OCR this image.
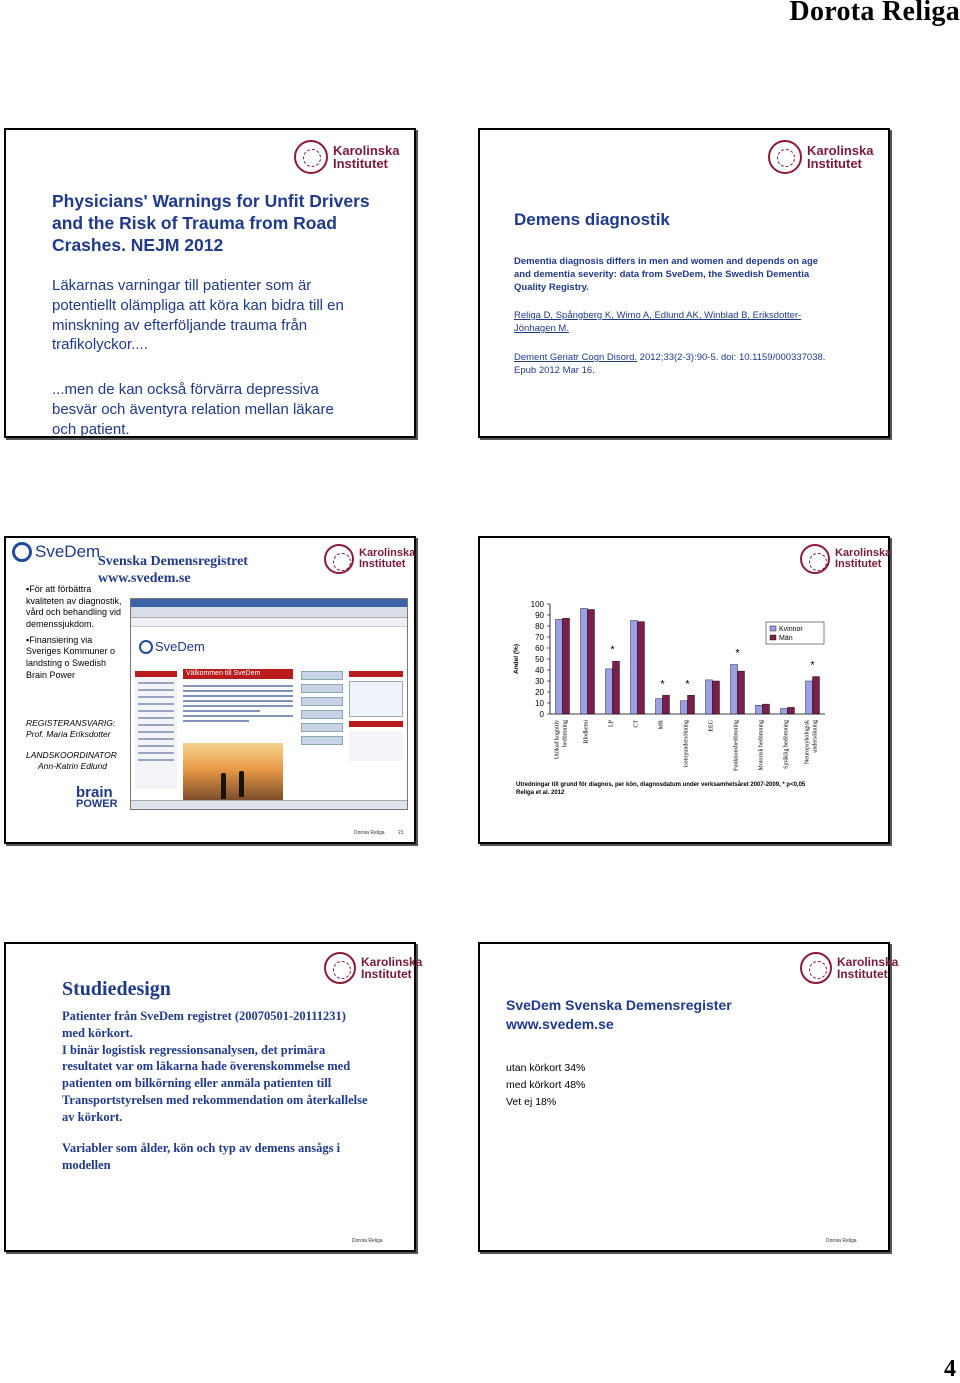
Dorota Religa
Karolinska
Institutet
Physicians' Warnings for Unfit Drivers
and the Risk of Trauma from Road
Crashes. NEJM 2012
Läkarnas varningar till patienter som är
potentiellt olämpliga att köra kan bidra till en
minskning av efterföljande trauma från
trafikolyckor....
...men de kan också förvärra depressiva
besvär och äventyra relation mellan läkare
och patient.
Karolinska
Institutet
Demens diagnostik
Dementia diagnosis differs in men and women and depends on age
and dementia severity: data from SveDem, the Swedish Dementia
Quality Registry.
Religa D, Spångberg K, Wimo A, Edlund AK, Winblad B, Eriksdotter-
Jönhagen M.
Dement Geriatr Cogn Disord. 2012;33(2-3):90-5. doi: 10.1159/000337038.
Epub 2012 Mar 16.
SveDem	Karolinska
Institutet
Svenska Demensregistret
www.svedem.se
▪För att förbättra kvaliteten av diagnostik, vård och behandling vid demenssjukdom.
▪Finansiering via Sveriges Kommuner o landsting o Swedish Brain Power
REGISTERANSVARIG:
Prof. Maria Eriksdotter
LANDSKOORDINATOR
Ann-Katrin Edlund
brain
POWER
SveDem
Välkommen till SveDem
Dorota Religa	21
Karolinska
Institutet
100
90
80
70
60
50
40
30
20
10
0
Andel (%)
Utökad kognitiv bedömning	Blodkemi
*
LP	CT
*
MR
*
Isotopundersökning	EEG
*
Funktionsbedömning	Motorisk bedömning	Språklig bedömning
*
Neuropsykologisk undersökning
Kvinnor
Män
Utredningar till grund för diagnos, per kön, diagnosdatum under verksamhetsåret 2007-2009, * p<0,05
Religa et al. 2012
Karolinska
Institutet
Studiedesign
Patienter från SveDem registret (20070501-20111231)
med körkort.
I binär logistisk regressionsanalysen, det primära
resultatet var om läkarna hade överenskommelse med
patienten om bilkörning eller anmäla patienten till
Transportstyrelsen med rekommendation om återkallelse
av körkort.
Variabler som ålder, kön och typ av demens ansågs i
modellen
Dorota Religa
Karolinska
Institutet
SveDem Svenska Demensregister
www.svedem.se
utan körkort 34%
med körkort 48%
Vet ej 18%
Dorota Religa
4
